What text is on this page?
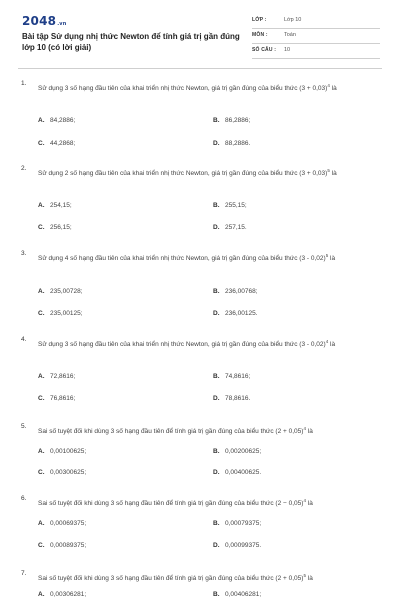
2048.vn
Bài tập Sử dụng nhị thức Newton để tính giá trị gần đúng lớp 10 (có lời giải)
LỚP :	Lớp 10
MÔN :	Toán
SỐ CÂU : 10
1.
Sử dụng 3 số hạng đầu tiên của khai triển nhị thức Newton, giá trị gần đúng của biểu thức $(3 + 0,03)^4$ là
A. 84,2886;	B. 86,2886;
C. 44,2868;	D. 88,2886.
2.
Sử dụng 2 số hạng đầu tiên của khai triển nhị thức Newton, giá trị gần đúng của biểu thức $(3 + 0,03)^5$ là
A. 254,15;	B. 255,15;
C. 256,15;	D. 257,15.
3.
Sử dụng 4 số hạng đầu tiên của khai triển nhị thức Newton, giá trị gần đúng của biểu thức (3 - 0,02)$^5$ là
A. 235,00728;	B. 236,00768;
C. 235,00125;	D. 236,00125.
4.
Sử dụng 3 số hạng đầu tiên của khai triển nhị thức Newton, giá trị gần đúng của biểu thức (3 - 0,02)$^4$ là
A. 72,8616;	B. 74,8616;
C. 76,8616;	D. 78,8616.
5.
Sai số tuyệt đối khi dùng 3 số hạng đầu tiên để tính giá trị gần đúng của biểu thức $(2 + 0,05)^4$ là
A. 0,00100625;	B. 0,00200625;
C. 0,00300625;	D. 0,00400625.
6.
Sai số tuyệt đối khi dùng 3 số hạng đầu tiên để tính giá trị gần đúng của biểu thức $(2 - 0,05)^4$ là
A. 0,00069375;	B. 0,00079375;
C. 0,00089375;	D. 0,00099375.
7.
Sai số tuyệt đối khi dùng 3 số hạng đầu tiên để tính giá trị gần đúng của biểu thức $(2 + 0,05)^5$ là
A. 0,00306281;	B. 0,00406281;
